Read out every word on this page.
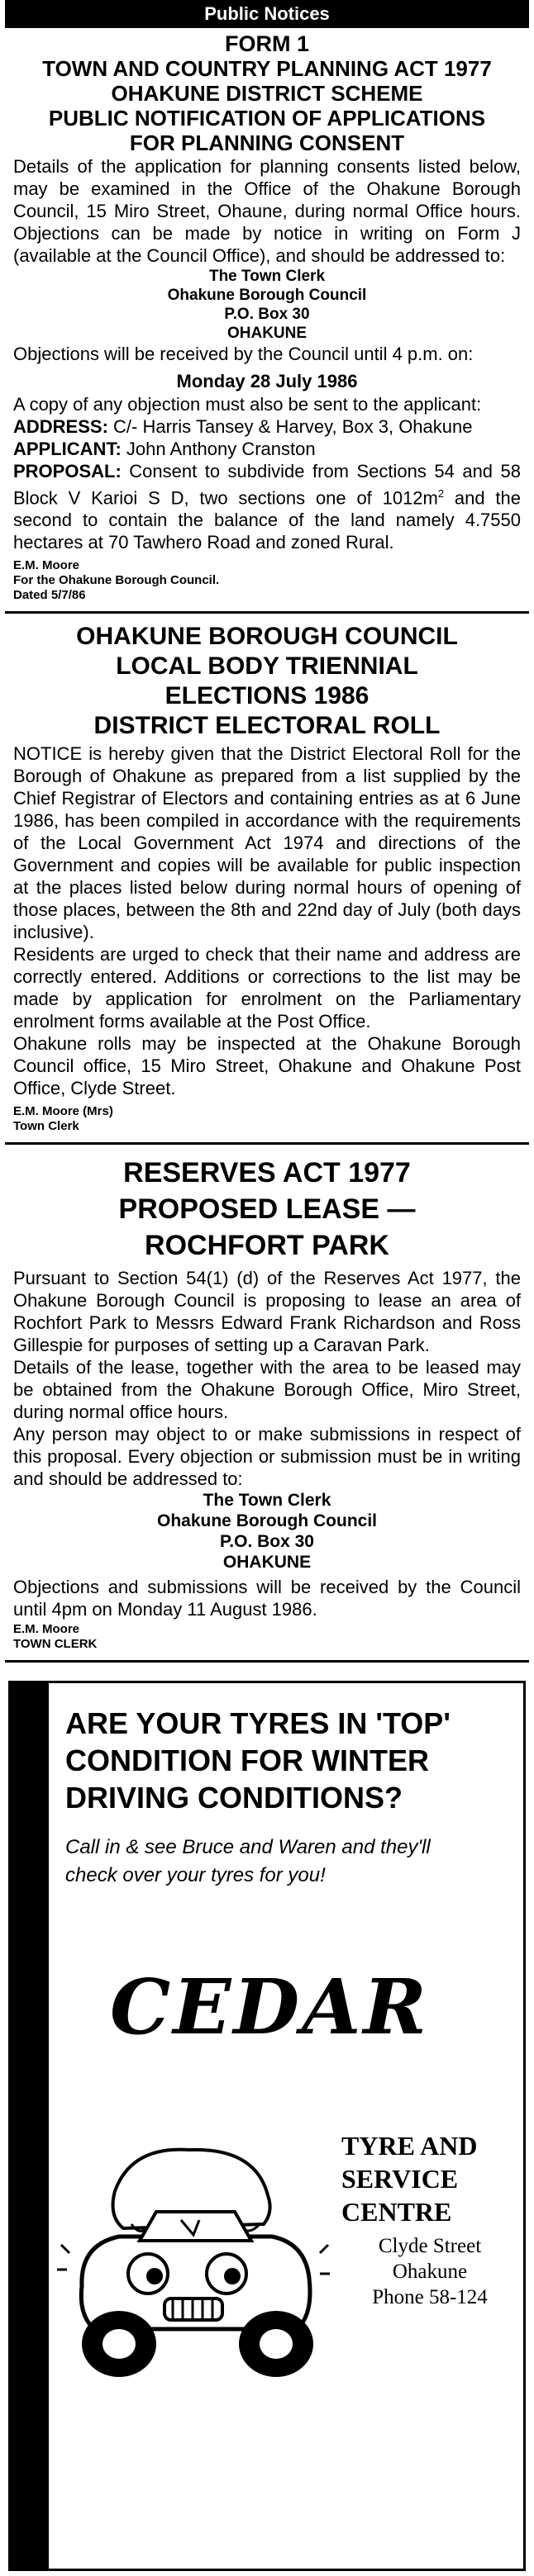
Public Notices

FORM 1

TOWN AND COUNTRY PLANNING ACT 1977

OHAKUNE DISTRICT SCHEME

PUBLIC NOTIFICATION OF APPLICATIONS

FOR PLANNING CONSENT

Details of the application for planning consents listed below, may be examined in the Office of the Ohakune Borough Council, 15 Miro Street, Ohaune, during normal Office hours. Objections can be made by notice in writing on Form J (available at the Council Office), and should be addressed to:

The Town Clerk

Ohakune Borough Council

P.O. Box 30

OHAKUNE

Objections will be received by the Council until 4 p.m. on:

Monday 28 July 1986

A copy of any objection must also be sent to the applicant:

ADDRESS: C/- Harris Tansey & Harvey, Box 3, Ohakune

APPLICANT: John Anthony Cranston

PROPOSAL: Consent to subdivide from Sections 54 and 58 Block V Karioi S D, two sections one of $1012m^2$ and the second to contain the balance of the land namely 4.7550 hectares at 70 Tawhero Road and zoned Rural.

E.M. Moore

For the Ohakune Borough Council.

Dated 5/7/86

OHAKUNE BOROUGH COUNCIL

LOCAL BODY TRIENNIAL

ELECTIONS 1986

DISTRICT ELECTORAL ROLL

NOTICE is hereby given that the District Electoral Roll for the Borough of Ohakune as prepared from a list supplied by the Chief Registrar of Electors and containing entries as at 6 June 1986, has been compiled in accordance with the requirements of the Local Government Act 1974 and directions of the Government and copies will be available for public inspection at the places listed below during normal hours of opening of those places, between the 8th and 22nd day of July (both days inclusive).

Residents are urged to check that their name and address are correctly entered. Additions or corrections to the list may be made by application for enrolment on the Parliamentary enrolment forms available at the Post Office.

Ohakune rolls may be inspected at the Ohakune Borough Council office, 15 Miro Street, Ohakune and Ohakune Post Office, Clyde Street.

E.M. Moore (Mrs)

Town Clerk

RESERVES ACT 1977

PROPOSED LEASE —

ROCHFORT PARK

Pursuant to Section 54(1) (d) of the Reserves Act 1977, the Ohakune Borough Council is proposing to lease an area of Rochfort Park to Messrs Edward Frank Richardson and Ross Gillespie for purposes of setting up a Caravan Park.

Details of the lease, together with the area to be leased may be obtained from the Ohakune Borough Office, Miro Street, during normal office hours.

Any person may object to or make submissions in respect of this proposal. Every objection or submission must be in writing and should be addressed to:

The Town Clerk

Ohakune Borough Council

P.O. Box 30

OHAKUNE

Objections and submissions will be received by the Council until 4pm on Monday 11 August 1986.

E.M. Moore

TOWN CLERK

ARE YOUR TYRES IN 'TOP'
CONDITION FOR WINTER
DRIVING CONDITIONS?
Call in & see Bruce and Waren and they'll
check over your tyres for you!
CEDAR
TYRE AND
SERVICE
CENTRE
Clyde Street
Ohakune
Phone 58-124
